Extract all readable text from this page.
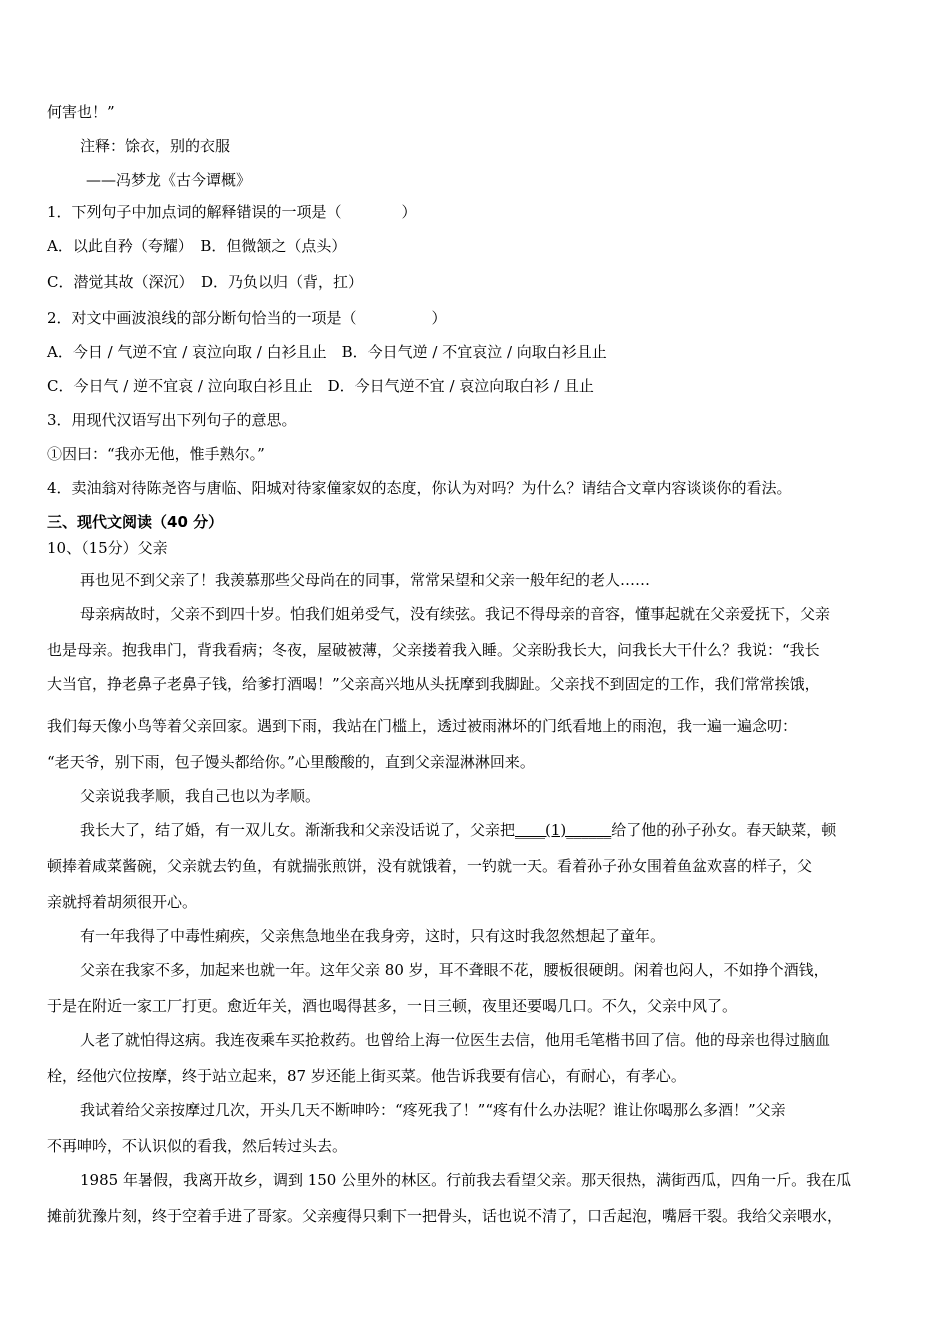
何害也！”
注释：馀衣，别的衣服
——冯梦龙《古今谭概》
1．下列句子中加点词的解释错误的一项是（　　　　）
A．以此自矜（夸耀）　B．但微颔之（点头）
C．潜觉其故（深沉）　D．乃负以归（背，扛）
2．对文中画波浪线的部分断句恰当的一项是（　　　　　）
A．今日 / 气逆不宜 / 哀泣向取 / 白衫且止　B．今日气逆 / 不宜哀泣 / 向取白衫且止
C．今日气 / 逆不宜哀 / 泣向取白衫且止　D．今日气逆不宜 / 哀泣向取白衫 / 且止
3．用现代汉语写出下列句子的意思。
①因曰：“我亦无他，惟手熟尔。”
4．卖油翁对待陈尧咨与唐临、阳城对待家僮家奴的态度，你认为对吗？为什么？请结合文章内容谈谈你的看法。
三、现代文阅读（40 分）
10、（15分）父亲
再也见不到父亲了！我羡慕那些父母尚在的同事，常常呆望和父亲一般年纪的老人……
母亲病故时，父亲不到四十岁。怕我们姐弟受气，没有续弦。我记不得母亲的音容，懂事起就在父亲爱抚下，父亲
也是母亲。抱我串门，背我看病；冬夜，屋破被薄，父亲搂着我入睡。父亲盼我长大，问我长大干什么？我说：“我长
大当官，挣老鼻子老鼻子钱，给爹打酒喝！”父亲高兴地从头抚摩到我脚趾。父亲找不到固定的工作，我们常常挨饿，
我们每天像小鸟等着父亲回家。遇到下雨，我站在门槛上，透过被雨淋坏的门纸看地上的雨泡，我一遍一遍念叨：
“老天爷，别下雨，包子馒头都给你。”心里酸酸的，直到父亲湿淋淋回来。
父亲说我孝顺，我自己也以为孝顺。
我长大了，结了婚，有一双儿女。渐渐我和父亲没话说了，父亲把____(1)______给了他的孙子孙女。春天缺菜，顿
顿捧着咸菜酱碗，父亲就去钓鱼，有就揣张煎饼，没有就饿着，一钓就一天。看着孙子孙女围着鱼盆欢喜的样子，父
亲就捋着胡须很开心。
有一年我得了中毒性痢疾，父亲焦急地坐在我身旁，这时，只有这时我忽然想起了童年。
父亲在我家不多，加起来也就一年。这年父亲 80 岁，耳不聋眼不花，腰板很硬朗。闲着也闷人，不如挣个酒钱，
于是在附近一家工厂打更。愈近年关，酒也喝得甚多，一日三顿，夜里还要喝几口。不久，父亲中风了。
人老了就怕得这病。我连夜乘车买抢救药。也曾给上海一位医生去信，他用毛笔楷书回了信。他的母亲也得过脑血
栓，经他穴位按摩，终于站立起来，87 岁还能上街买菜。他告诉我要有信心，有耐心，有孝心。
我试着给父亲按摩过几次，开头几天不断呻吟：“疼死我了！”“疼有什么办法呢？谁让你喝那么多酒！”父亲
不再呻吟，不认识似的看我，然后转过头去。
1985 年暑假，我离开故乡，调到 150 公里外的林区。行前我去看望父亲。那天很热，满街西瓜，四角一斤。我在瓜
摊前犹豫片刻，终于空着手进了哥家。父亲瘦得只剩下一把骨头，话也说不清了，口舌起泡，嘴唇干裂。我给父亲喂水，
